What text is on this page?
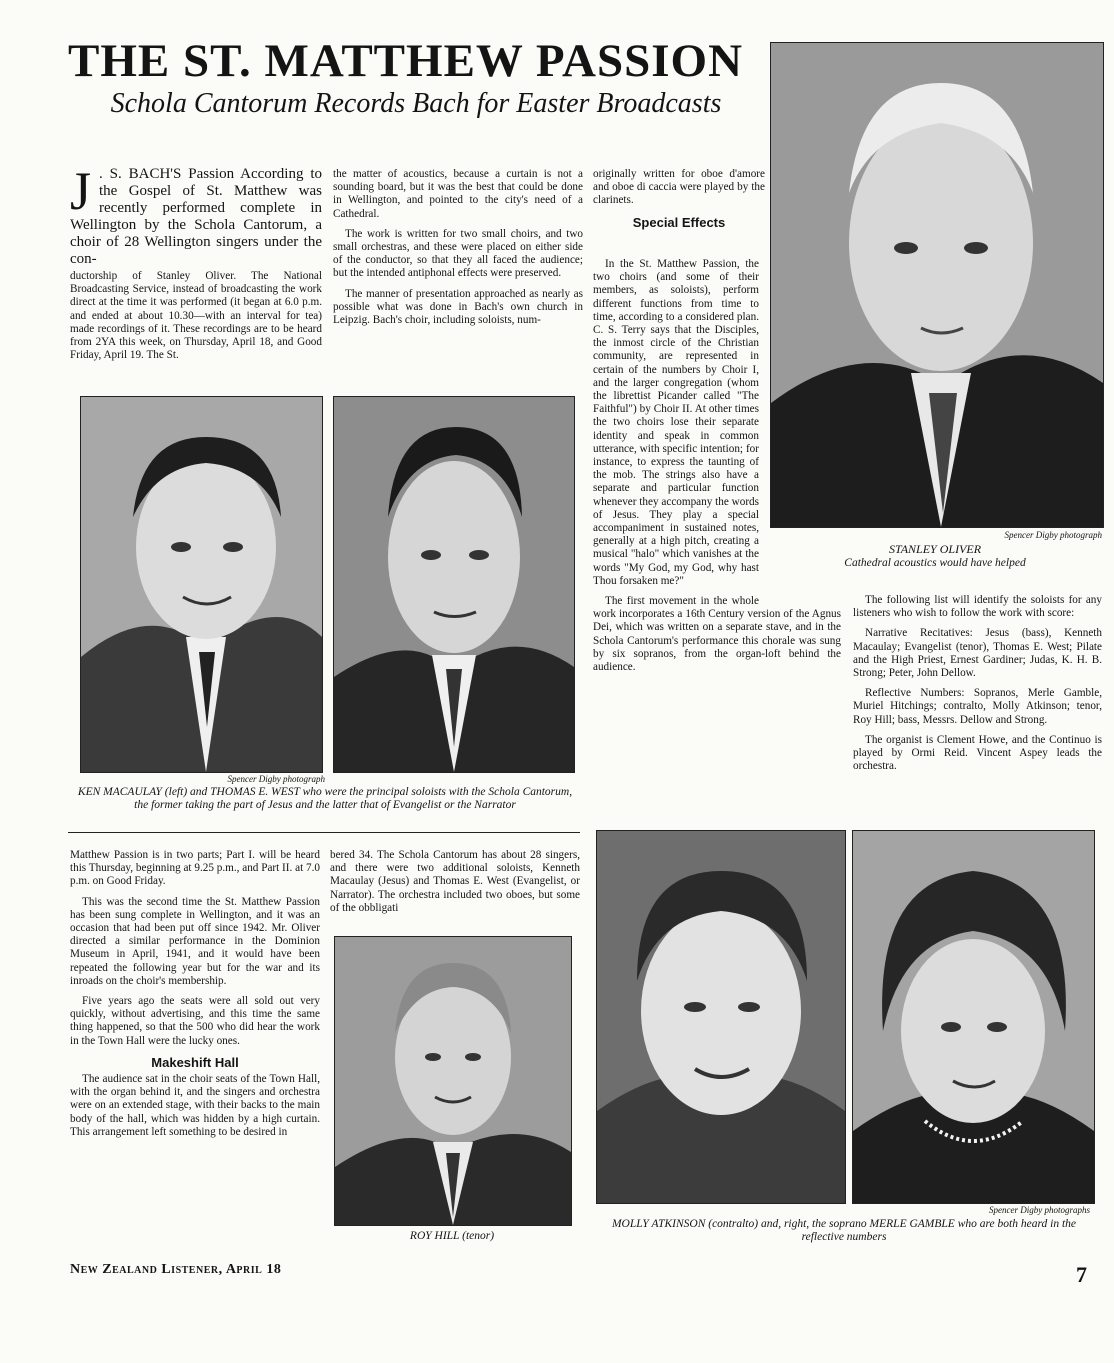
THE ST. MATTHEW PASSION
Schola Cantorum Records Bach for Easter Broadcasts
J . S. BACH'S Passion According to the Gospel of St. Matthew was recently performed complete in Wellington by the Schola Cantorum, a choir of 28 Wellington singers under the con-

ductorship of Stanley Oliver. The National Broadcasting Service, instead of broadcasting the work direct at the time it was performed (it began at 6.0 p.m. and ended at about 10.30—with an interval for tea) made recordings of it. These recordings are to be heard from 2YA this week, on Thursday, April 18, and Good Friday, April 19. The St.

the matter of acoustics, because a curtain is not a sounding board, but it was the best that could be done in Wellington, and pointed to the city's need of a Cathedral.

The work is written for two small choirs, and two small orchestras, and these were placed on either side of the conductor, so that they all faced the audience; but the intended antiphonal effects were preserved.

The manner of presentation approached as nearly as possible what was done in Bach's own church in Leipzig. Bach's choir, including soloists, num-

originally written for oboe d'amore and oboe di caccia were played by the clarinets.

Special Effects

In the St. Matthew Passion, the two choirs (and some of their members, as soloists), perform different functions from time to time, according to a considered plan. C. S. Terry says that the Disciples, the inmost circle of the Christian community, are represented in certain of the numbers by Choir I, and the larger congregation (whom the librettist Picander called "The Faithful") by Choir II. At other times the two choirs lose their separate identity and speak in common utterance, with specific intention; for instance, to express the taunting of the mob. The strings also have a separate and particular function whenever they accompany the words of Jesus. They play a special accompaniment in sustained notes, generally at a high pitch, creating a musical "halo" which vanishes at the words "My God, my God, why hast Thou forsaken me?"

The first movement in the whole work incorporates a 16th Century version of the Agnus Dei, which was written on a separate stave, and in the Schola Cantorum's performance this chorale was sung by six sopranos, from the organ-loft behind the audience.

Spencer Digby photograph
STANLEY OLIVER
Cathedral acoustics would have helped

The following list will identify the soloists for any listeners who wish to follow the work with score:

Narrative Recitatives: Jesus (bass), Kenneth Macaulay; Evangelist (tenor), Thomas E. West; Pilate and the High Priest, Ernest Gardiner; Judas, K. H. B. Strong; Peter, John Dellow.

Reflective Numbers: Sopranos, Merle Gamble, Muriel Hitchings; contralto, Molly Atkinson; tenor, Roy Hill; bass, Messrs. Dellow and Strong.

The organist is Clement Howe, and the Continuo is played by Ormi Reid. Vincent Aspey leads the orchestra.

Spencer Digby photograph
KEN MACAULAY (left) and THOMAS E. WEST who were the principal soloists with the Schola Cantorum, the former taking the part of Jesus and the latter that of Evangelist or the Narrator

Matthew Passion is in two parts; Part I. will be heard this Thursday, beginning at 9.25 p.m., and Part II. at 7.0 p.m. on Good Friday.

This was the second time the St. Matthew Passion has been sung complete in Wellington, and it was an occasion that had been put off since 1942. Mr. Oliver directed a similar performance in the Dominion Museum in April, 1941, and it would have been repeated the following year but for the war and its inroads on the choir's membership.

Five years ago the seats were all sold out very quickly, without advertising, and this time the same thing happened, so that the 500 who did hear the work in the Town Hall were the lucky ones.

Makeshift Hall

The audience sat in the choir seats of the Town Hall, with the organ behind it, and the singers and orchestra were on an extended stage, with their backs to the main body of the hall, which was hidden by a high curtain. This arrangement left something to be desired in

bered 34. The Schola Cantorum has about 28 singers, and there were two additional soloists, Kenneth Macaulay (Jesus) and Thomas E. West (Evangelist, or Narrator). The orchestra included two oboes, but some of the obbligati

ROY HILL (tenor)
Spencer Digby photographs
MOLLY ATKINSON (contralto) and, right, the soprano MERLE GAMBLE who are both heard in the reflective numbers
New Zealand Listener, April 18	7
